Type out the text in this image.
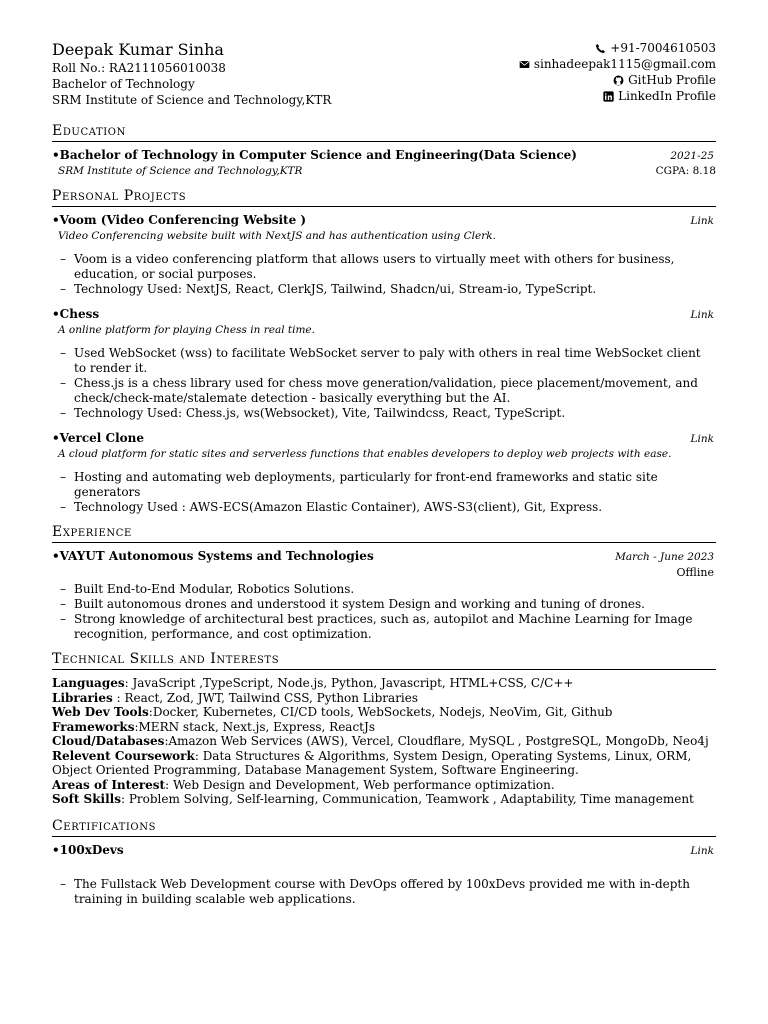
Deepak Kumar Sinha
Roll No.: RA2111056010038
Bachelor of Technology
SRM Institute of Science and Technology,KTR
+91-7004610503
sinhadeepak1115@gmail.com
GitHub Profile
LinkedIn Profile
Education
•Bachelor of Technology in Computer Science and Engineering(Data Science)	2021-25
SRM Institute of Science and Technology,KTR	CGPA: 8.18
Personal Projects
•Voom (Video Conferencing Website )	Link
Video Conferencing website built with NextJS and has authentication using Clerk.
– Voom is a video conferencing platform that allows users to virtually meet with others for business, education, or social purposes.
– Technology Used: NextJS, React, ClerkJS, Tailwind, Shadcn/ui, Stream-io, TypeScript.
•Chess	Link
A online platform for playing Chess in real time.
– Used WebSocket (wss) to facilitate WebSocket server to paly with others in real time WebSocket client to render it.
– Chess.js is a chess library used for chess move generation/validation, piece placement/movement, and check/check-mate/stalemate detection - basically everything but the AI.
– Technology Used: Chess.js, ws(Websocket), Vite, Tailwindcss, React, TypeScript.
•Vercel Clone	Link
A cloud platform for static sites and serverless functions that enables developers to deploy web projects with ease.
– Hosting and automating web deployments, particularly for front-end frameworks and static site generators
– Technology Used : AWS-ECS(Amazon Elastic Container), AWS-S3(client), Git, Express.
Experience
•VAYUT Autonomous Systems and Technologies	March - June 2023
Offline
– Built End-to-End Modular, Robotics Solutions.
– Built autonomous drones and understood it system Design and working and tuning of drones.
– Strong knowledge of architectural best practices, such as, autopilot and Machine Learning for Image recognition, performance, and cost optimization.
Technical Skills and Interests
Languages: JavaScript ,TypeScript, Node.js, Python, Javascript, HTML+CSS, C/C++
Libraries : React, Zod, JWT, Tailwind CSS, Python Libraries
Web Dev Tools:Docker, Kubernetes, CI/CD tools, WebSockets, Nodejs, NeoVim, Git, Github
Frameworks:MERN stack, Next.js, Express, ReactJs
Cloud/Databases:Amazon Web Services (AWS), Vercel, Cloudflare, MySQL , PostgreSQL, MongoDb, Neo4j
Relevent Coursework: Data Structures & Algorithms, System Design, Operating Systems, Linux, ORM, Object Oriented Programming, Database Management System, Software Engineering.
Areas of Interest: Web Design and Development, Web performance optimization.
Soft Skills: Problem Solving, Self-learning, Communication, Teamwork , Adaptability, Time management
Certifications
•100xDevs	Link
– The Fullstack Web Development course with DevOps offered by 100xDevs provided me with in-depth training in building scalable web applications.
